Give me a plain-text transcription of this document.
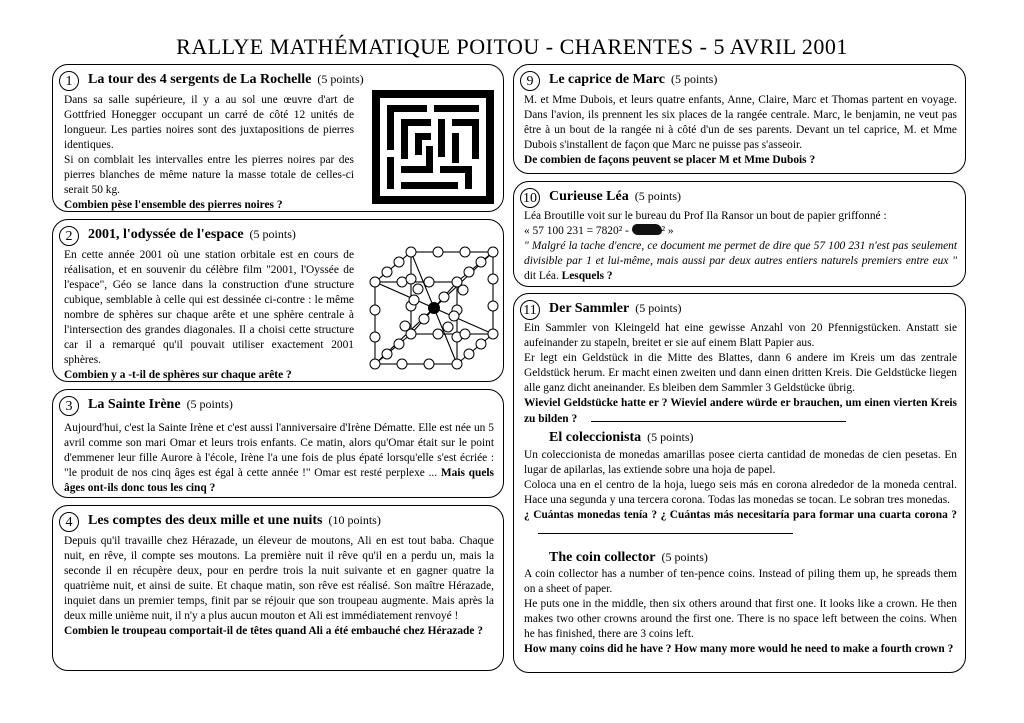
RALLYE MATHÉMATIQUE POITOU - CHARENTES - 5 AVRIL 2001
1	La tour des 4 sergents de La Rochelle (5 points)

Dans sa salle supérieure, il y a au sol une œuvre d'art de Gottfried Honegger occupant un carré de côté 12 unités de longueur. Les parties noires sont des juxtapositions de pierres identiques.

Si on comblait les intervalles entre les pierres noires par des pierres blanches de même nature la masse totale de celles-ci serait 50 kg.

Combien pèse l'ensemble des pierres noires ?

2	2001, l'odyssée de l'espace (5 points)

En cette année 2001 où une station orbitale est en cours de réalisation, et en souvenir du célèbre film "2001, l'Oyssée de l'espace", Géo se lance dans la construction d'une structure cubique, semblable à celle qui est dessinée ci-contre : le même nombre de sphères sur chaque arête et une sphère centrale à l'intersection des grandes diagonales. Il a choisi cette structure car il a remarqué qu'il pouvait utiliser exactement 2001 sphères.

Combien y a -t-il de sphères sur chaque arête ?

3	La Sainte Irène (5 points)

Aujourd'hui, c'est la Sainte Irène et c'est aussi l'anniversaire d'Irène Dématte. Elle est née un 5 avril comme son mari Omar et leurs trois enfants. Ce matin, alors qu'Omar était sur le point d'emmener leur fille Aurore à l'école, Irène l'a une fois de plus épaté lorsqu'elle s'est écriée : "le produit de nos cinq âges est égal à cette année !" Omar est resté perplexe ... Mais quels âges ont-ils donc tous les cinq ?

4	Les comptes des deux mille et une nuits (10 points)

Depuis qu'il travaille chez Hérazade, un éleveur de moutons, Ali en est tout baba. Chaque nuit, en rêve, il compte ses moutons. La première nuit il rêve qu'il en a perdu un, mais la seconde il en récupère deux, pour en perdre trois la nuit suivante et en gagner quatre la quatrième nuit, et ainsi de suite. Et chaque matin, son rêve est réalisé. Son maître Hérazade, inquiet dans un premier temps, finit par se réjouir que son troupeau augmente. Mais après la deux mille unième nuit, il n'y a plus aucun mouton et Ali est immédiatement renvoyé !

Combien le troupeau comportait-il de têtes quand Ali a été embauché chez Hérazade ?

9	Le caprice de Marc (5 points)

M. et Mme Dubois, et leurs quatre enfants, Anne, Claire, Marc et Thomas partent en voyage. Dans l'avion, ils prennent les six places de la rangée centrale. Marc, le benjamin, ne veut pas être à un bout de la rangée ni à côté d'un de ses parents. Devant un tel caprice, M. et Mme Dubois s'installent de façon que Marc ne puisse pas s'asseoir.

De combien de façons peuvent se placer M et Mme Dubois ?

10 Curieuse Léa (5 points)

Léa Broutille voit sur le bureau du Prof Ila Ransor un bout de papier griffonné :

« 57 100 231 = 7820² -	² »

" Malgré la tache d'encre, ce document me permet de dire que 57 100 231 n'est pas seulement divisible par 1 et lui-même, mais aussi par deux autres entiers naturels premiers entre eux " dit Léa. Lesquels ?

11 Der Sammler (5 points)

Ein Sammler von Kleingeld hat eine gewisse Anzahl von 20 Pfennigstücken. Anstatt sie aufeinander zu stapeln, breitet er sie auf einem Blatt Papier aus.

Er legt ein Geldstück in die Mitte des Blattes, dann 6 andere im Kreis um das zentrale Geldstück herum. Er macht einen zweiten und dann einen dritten Kreis. Die Geldstücke liegen alle ganz dicht aneinander. Es bleiben dem Sammler 3 Geldstücke übrig.

Wieviel Geldstücke hatte er ? Wieviel andere würde er brauchen, um einen vierten Kreis zu bilden ?

El coleccionista (5 points)

Un coleccionista de monedas amarillas posee cierta cantidad de monedas de cien pesetas. En lugar de apilarlas, las extiende sobre una hoja de papel.

Coloca una en el centro de la hoja, luego seis más en corona alrededor de la moneda central. Hace una segunda y una tercera corona. Todas las monedas se tocan. Le sobran tres monedas.

¿ Cuántas monedas tenía ? ¿ Cuántas más necesitaría para formar una cuarta corona ?

The coin collector (5 points)

A coin collector has a number of ten-pence coins. Instead of piling them up, he spreads them on a sheet of paper.

He puts one in the middle, then six others around that first one. It looks like a crown. He then makes two other crowns around the first one. There is no space left between the coins. When he has finished, there are 3 coins left.

How many coins did he have ? How many more would he need to make a fourth crown ?
